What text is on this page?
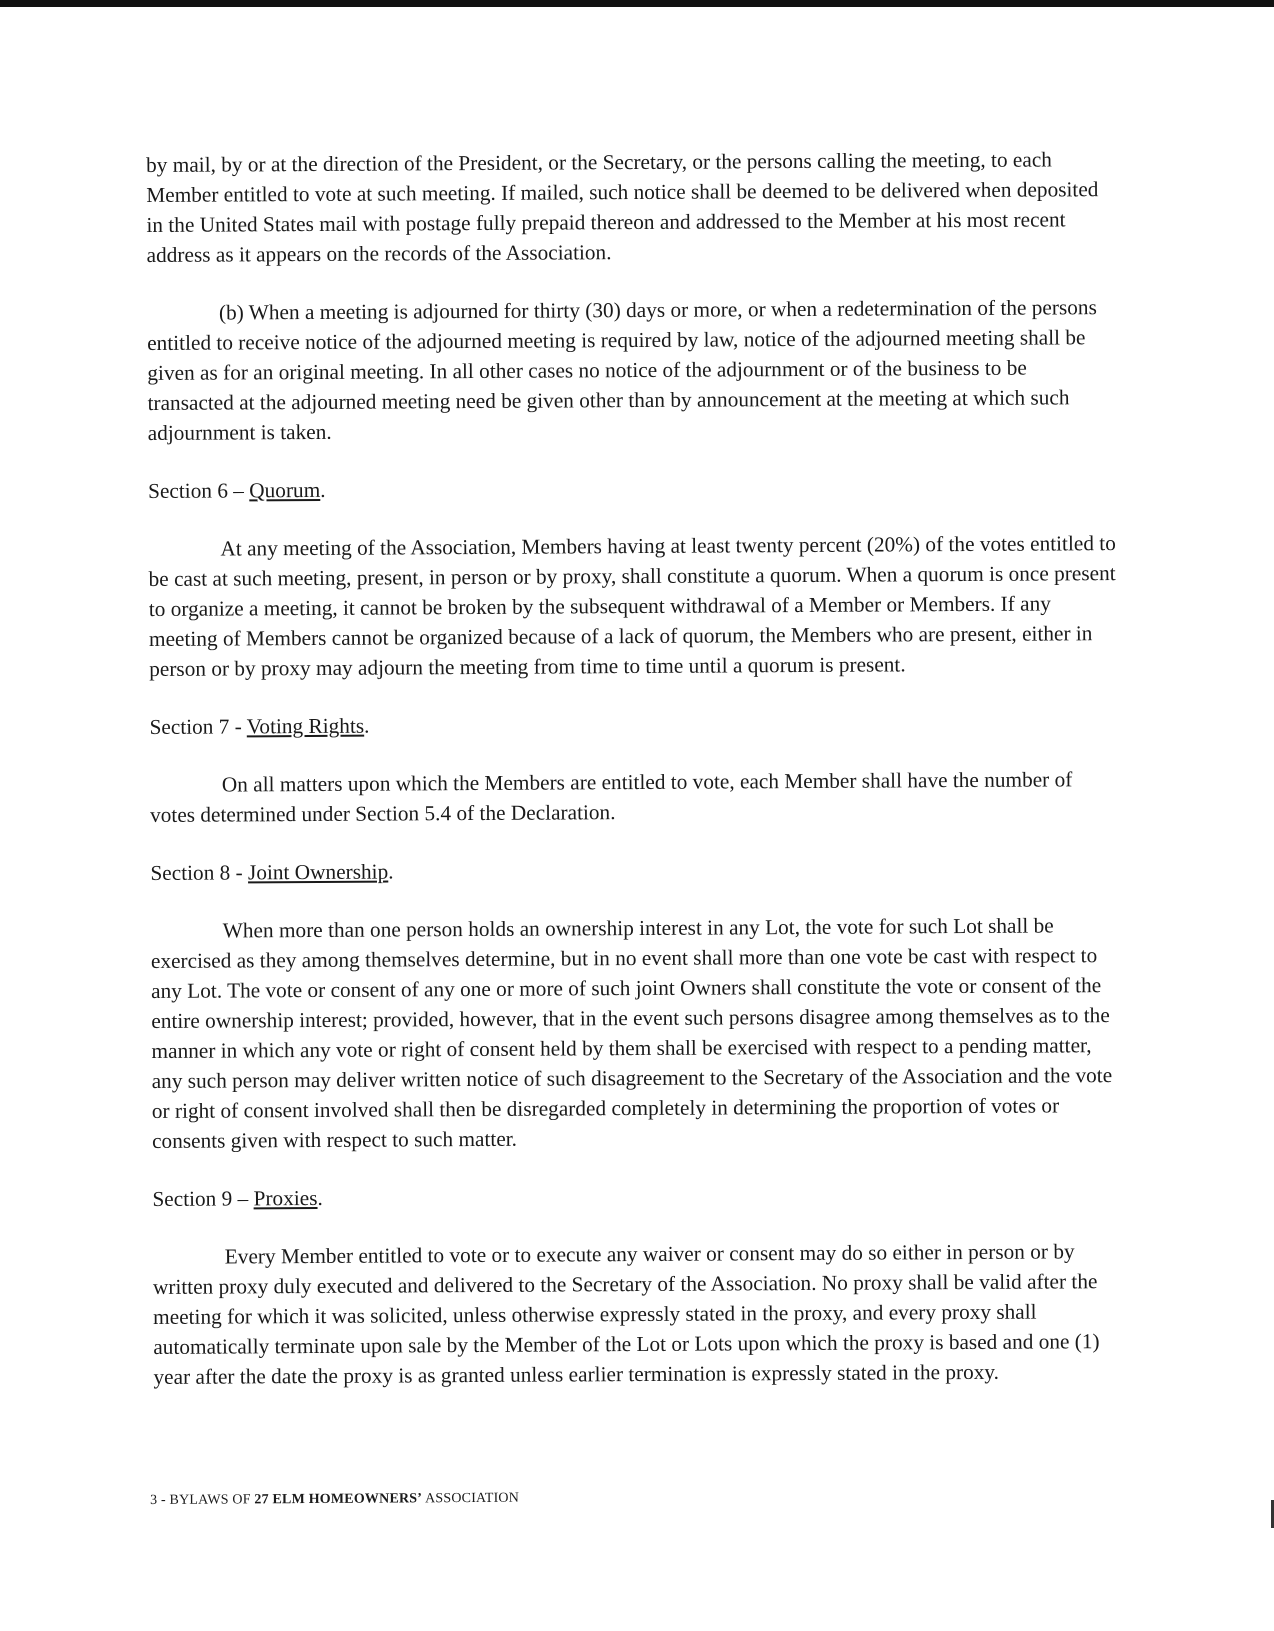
by mail, by or at the direction of the President, or the Secretary, or the persons calling the meeting, to each Member entitled to vote at such meeting. If mailed, such notice shall be deemed to be delivered when deposited in the United States mail with postage fully prepaid thereon and addressed to the Member at his most recent address as it appears on the records of the Association.

(b) When a meeting is adjourned for thirty (30) days or more, or when a redetermination of the persons entitled to receive notice of the adjourned meeting is required by law, notice of the adjourned meeting shall be given as for an original meeting. In all other cases no notice of the adjournment or of the business to be transacted at the adjourned meeting need be given other than by announcement at the meeting at which such adjournment is taken.

Section 6 – Quorum.

At any meeting of the Association, Members having at least twenty percent (20%) of the votes entitled to be cast at such meeting, present, in person or by proxy, shall constitute a quorum. When a quorum is once present to organize a meeting, it cannot be broken by the subsequent withdrawal of a Member or Members. If any meeting of Members cannot be organized because of a lack of quorum, the Members who are present, either in person or by proxy may adjourn the meeting from time to time until a quorum is present.

Section 7 - Voting Rights.

On all matters upon which the Members are entitled to vote, each Member shall have the number of votes determined under Section 5.4 of the Declaration.

Section 8 - Joint Ownership.

When more than one person holds an ownership interest in any Lot, the vote for such Lot shall be exercised as they among themselves determine, but in no event shall more than one vote be cast with respect to any Lot. The vote or consent of any one or more of such joint Owners shall constitute the vote or consent of the entire ownership interest; provided, however, that in the event such persons disagree among themselves as to the manner in which any vote or right of consent held by them shall be exercised with respect to a pending matter, any such person may deliver written notice of such disagreement to the Secretary of the Association and the vote or right of consent involved shall then be disregarded completely in determining the proportion of votes or consents given with respect to such matter.

Section 9 – Proxies.

Every Member entitled to vote or to execute any waiver or consent may do so either in person or by written proxy duly executed and delivered to the Secretary of the Association. No proxy shall be valid after the meeting for which it was solicited, unless otherwise expressly stated in the proxy, and every proxy shall automatically terminate upon sale by the Member of the Lot or Lots upon which the proxy is based and one (1) year after the date the proxy is as granted unless earlier termination is expressly stated in the proxy.

3 - BYLAWS OF 27 ELM HOMEOWNERS’ ASSOCIATION
